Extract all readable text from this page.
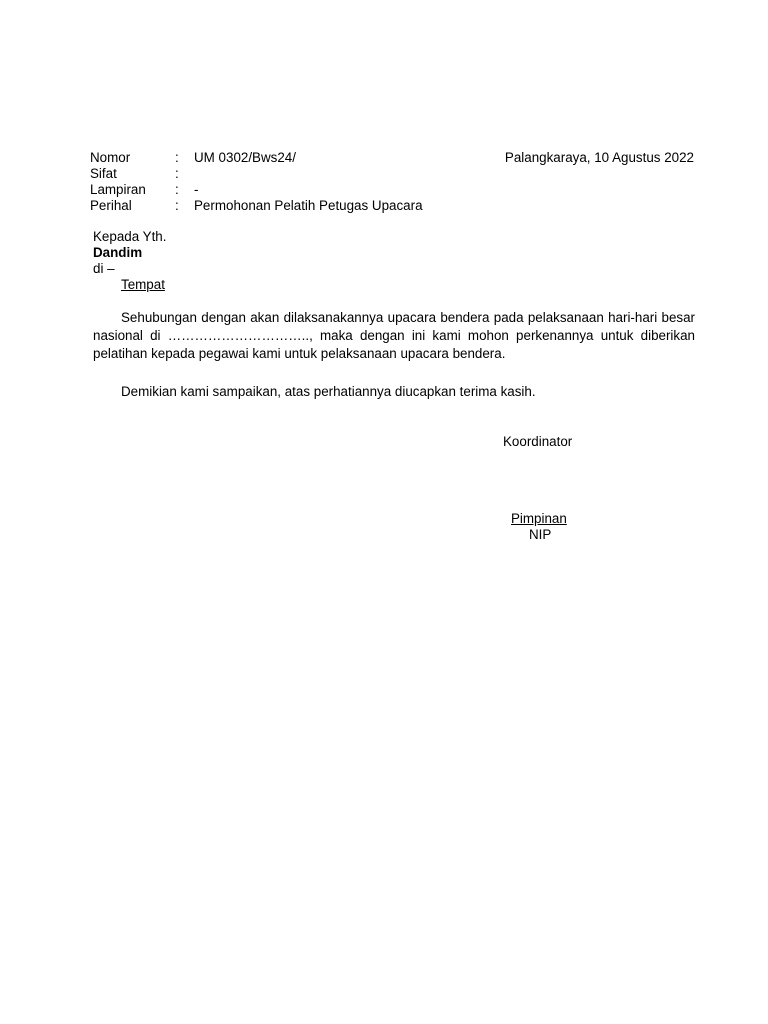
Nomor	: UM 0302/Bws24/	Palangkaraya, 10 Agustus 2022
Sifat	:
Lampiran : -
Perihal	: Permohonan Pelatih Petugas Upacara
Kepada Yth.
Dandim
di –
Tempat

Sehubungan dengan akan dilaksanakannya upacara bendera pada pelaksanaan hari-hari besar nasional di ………………………….., maka dengan ini kami mohon perkenannya untuk diberikan pelatihan kepada pegawai kami untuk pelaksanaan upacara bendera.

Demikian kami sampaikan, atas perhatiannya diucapkan terima kasih.

Koordinator
Pimpinan
NIP
